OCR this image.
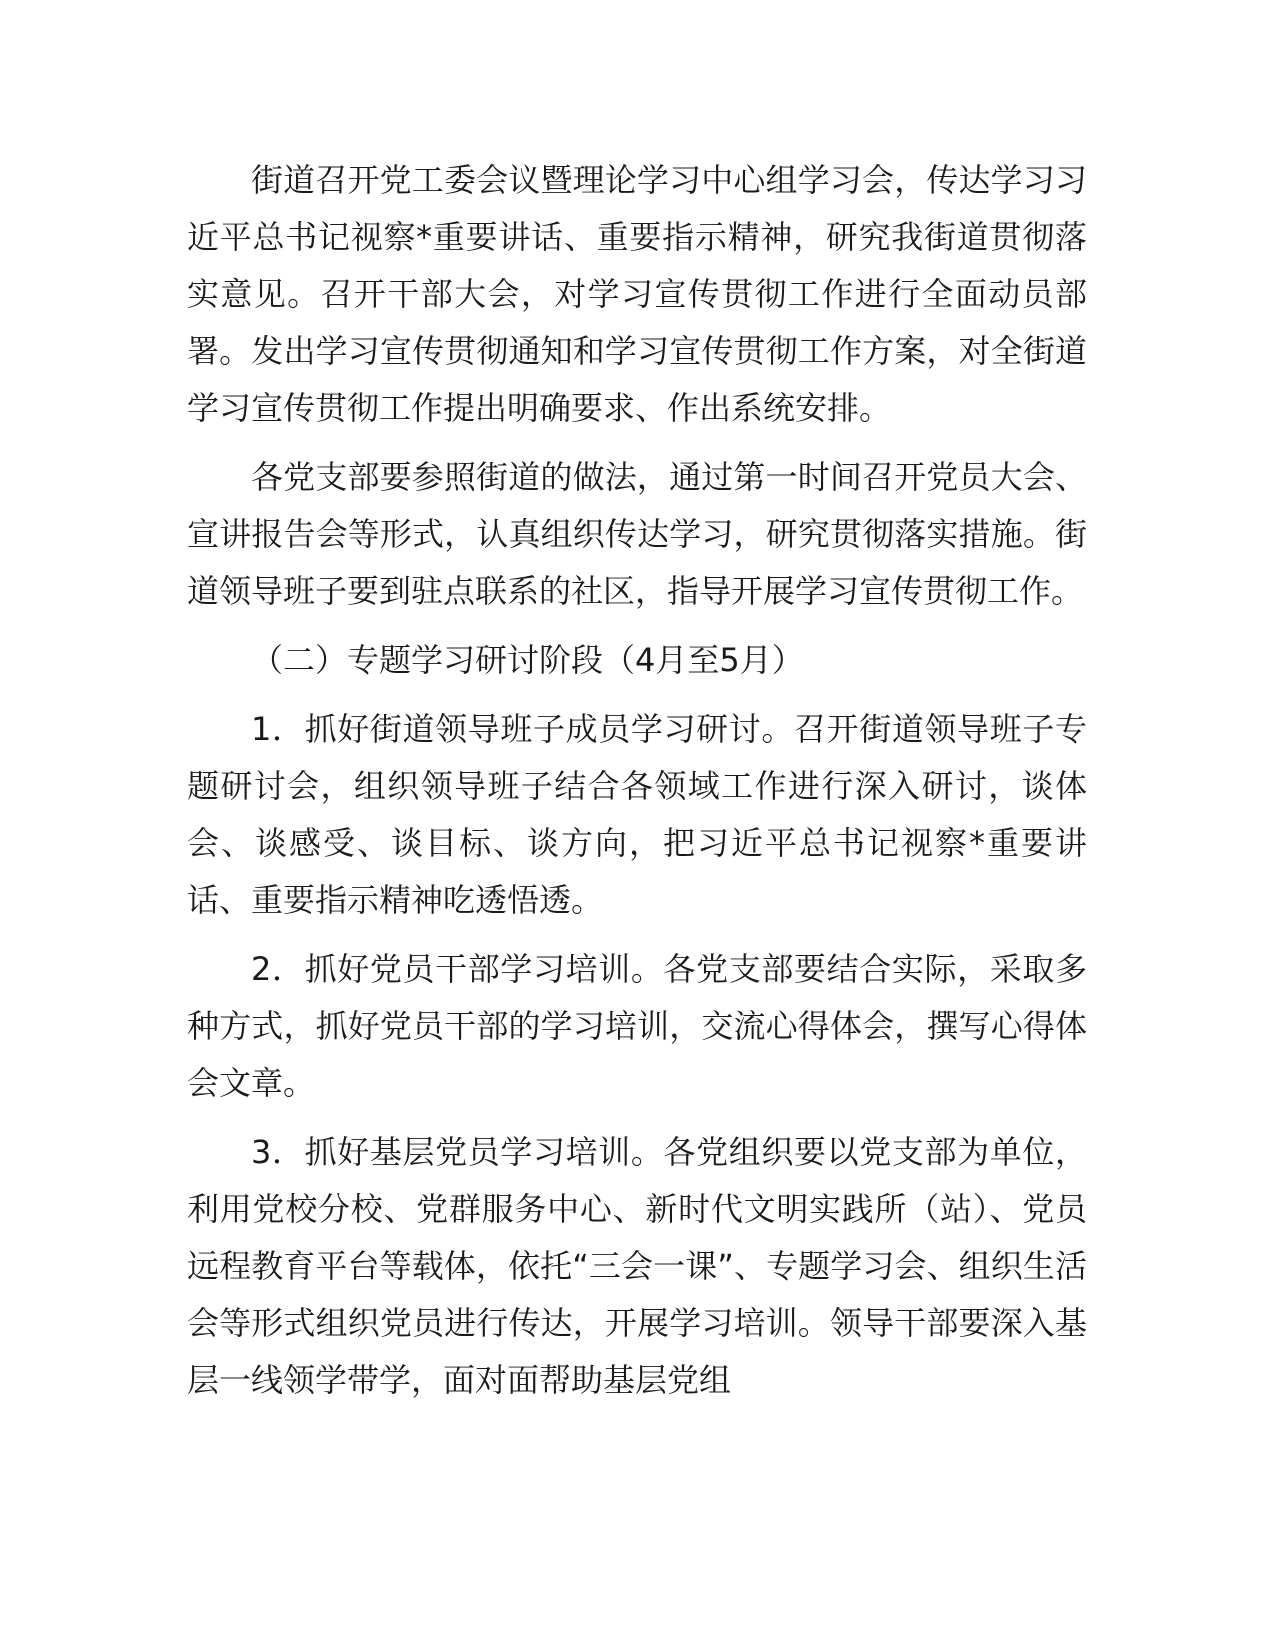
街道召开党工委会议暨理论学习中心组学习会，传达学习习近平总书记视察*重要讲话、重要指示精神，研究我街道贯彻落实意见。召开干部大会，对学习宣传贯彻工作进行全面动员部署。发出学习宣传贯彻通知和学习宣传贯彻工作方案，对全街道学习宣传贯彻工作提出明确要求、作出系统安排。

各党支部要参照街道的做法，通过第一时间召开党员大会、宣讲报告会等形式，认真组织传达学习，研究贯彻落实措施。街道领导班子要到驻点联系的社区，指导开展学习宣传贯彻工作。

（二）专题学习研讨阶段（4月至5月）

1．抓好街道领导班子成员学习研讨。召开街道领导班子专题研讨会，组织领导班子结合各领域工作进行深入研讨，谈体会、谈感受、谈目标、谈方向，把习近平总书记视察*重要讲话、重要指示精神吃透悟透。

2．抓好党员干部学习培训。各党支部要结合实际，采取多种方式，抓好党员干部的学习培训，交流心得体会，撰写心得体会文章。

3．抓好基层党员学习培训。各党组织要以党支部为单位，利用党校分校、党群服务中心、新时代文明实践所（站）、党员远程教育平台等载体，依托“三会一课”、专题学习会、组织生活会等形式组织党员进行传达，开展学习培训。领导干部要深入基层一线领学带学，面对面帮助基层党组
